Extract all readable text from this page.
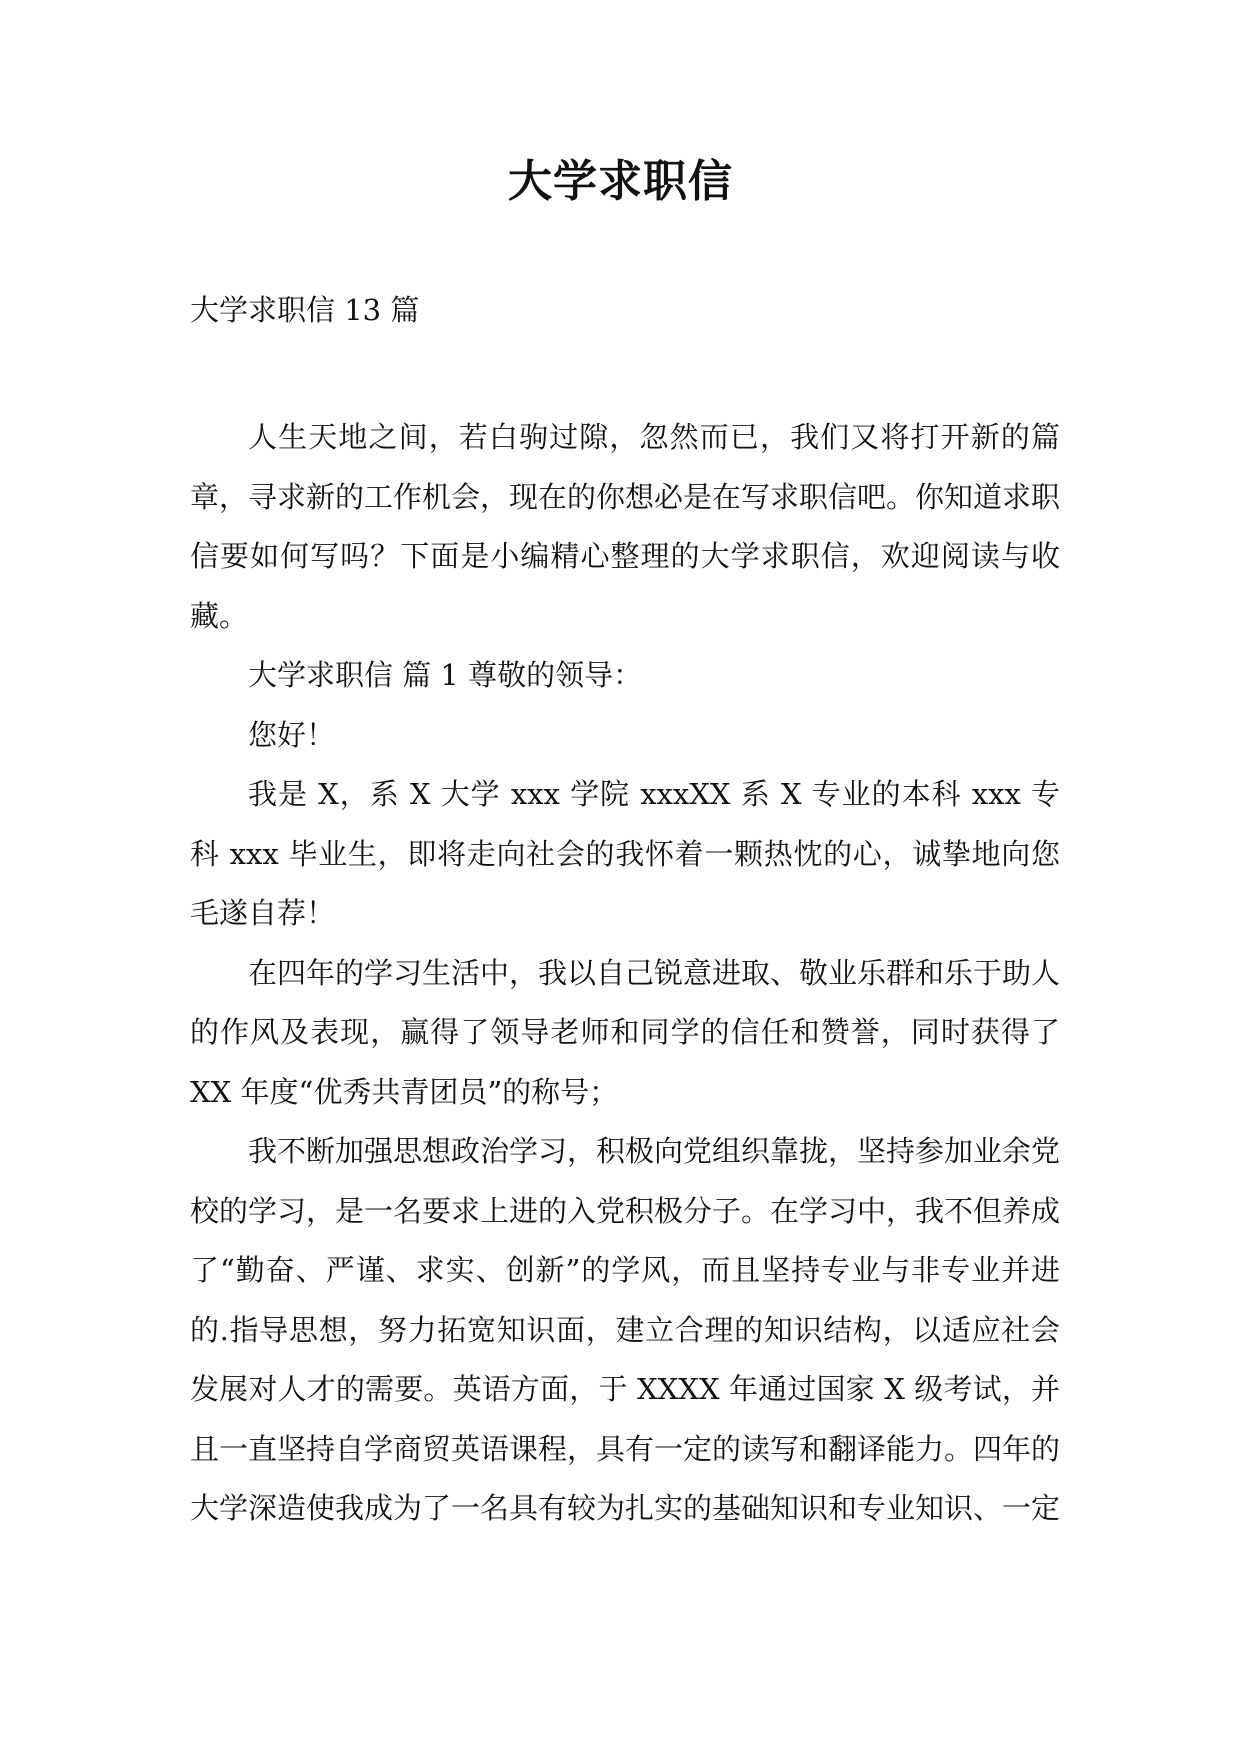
大学求职信
大学求职信 13 篇

人生天地之间，若白驹过隙，忽然而已，我们又将打开新的篇章，寻求新的工作机会，现在的你想必是在写求职信吧。你知道求职信要如何写吗？下面是小编精心整理的大学求职信，欢迎阅读与收藏。

大学求职信 篇 1 尊敬的领导：

您好！

我是 X，系 X 大学 xxx 学院 xxxXX 系 X 专业的本科 xxx 专科 xxx 毕业生，即将走向社会的我怀着一颗热忱的心，诚挚地向您毛遂自荐！

在四年的学习生活中，我以自己锐意进取、敬业乐群和乐于助人的作风及表现，赢得了领导老师和同学的信任和赞誉，同时获得了 XX 年度“优秀共青团员”的称号；

我不断加强思想政治学习，积极向党组织靠拢，坚持参加业余党校的学习，是一名要求上进的入党积极分子。在学习中，我不但养成了“勤奋、严谨、求实、创新”的学风，而且坚持专业与非专业并进的.指导思想，努力拓宽知识面，建立合理的知识结构，以适应社会发展对人才的需要。英语方面，于 XXXX 年通过国家 X 级考试，并且一直坚持自学商贸英语课程，具有一定的读写和翻译能力。四年的大学深造使我成为了一名具有较为扎实的基础知识和专业知识、一定
